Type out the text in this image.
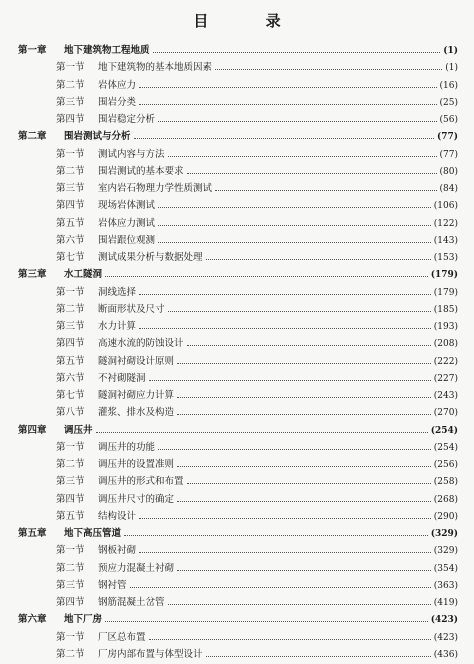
目 录
第一章	地下建筑物工程地质	(1)
第一节	地下建筑物的基本地质因素	(1)
第二节	岩体应力	(16)
第三节	围岩分类	(25)
第四节	围岩稳定分析	(56)
第二章	围岩测试与分析	(77)
第一节	测试内容与方法	(77)
第二节	围岩测试的基本要求	(80)
第三节	室内岩石物理力学性质测试	(84)
第四节	现场岩体测试	(106)
第五节	岩体应力测试	(122)
第六节	围岩跟位观测	(143)
第七节	测试成果分析与数据处理	(153)
第三章	水工隧洞	(179)
第一节	洞线选择	(179)
第二节	断面形状及尺寸	(185)
第三节	水力计算	(193)
第四节	高速水流的防蚀设计	(208)
第五节	隧洞衬砌设计原则	(222)
第六节	不衬砌隧洞	(227)
第七节	隧洞衬砌应力计算	(243)
第八节	灌浆、排水及构造	(270)
第四章	调压井	(254)
第一节	调压井的功能	(254)
第二节	调压井的设置准则	(256)
第三节	调压井的形式和布置	(258)
第四节	调压井尺寸的确定	(268)
第五节	结构设计	(290)
第五章	地下高压管道	(329)
第一节	钢板衬砌	(329)
第二节	预应力混凝土衬砌	(354)
第三节	钢衬管	(363)
第四节	钢筋混凝土岔管	(419)
第六章	地下厂房	(423)
第一节	厂区总布置	(423)
第二节	厂房内部布置与体型设计	(436)
